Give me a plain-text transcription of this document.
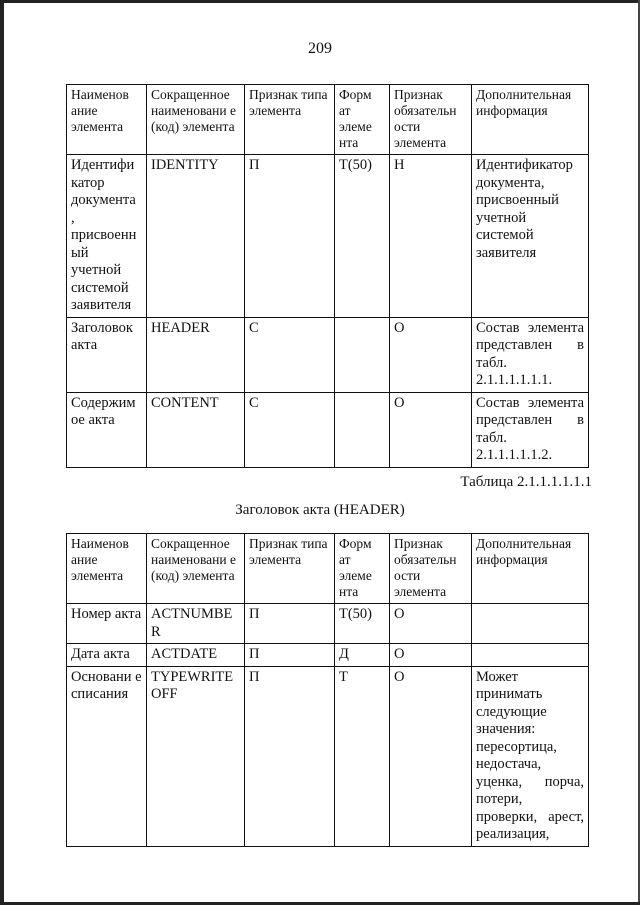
209
Наименов ание элемента	Сокращенное наименовани е (код) элемента	Признак типа элемента	Форм ат элеме нта	Признак обязательн ости элемента	Дополнительная информация
Идентифи катор документа , присвоенн ый учетной системой заявителя	IDENTITY	П	T(50)	Н	Идентификатор документа, присвоенный учетной системой заявителя
Заголовок акта	HEADER	С		О	Состав элемента представлен в табл. 2.1.1.1.1.1.1.
Содержим ое акта	CONTENT	С		О	Состав элемента представлен в табл. 2.1.1.1.1.1.2.
Таблица 2.1.1.1.1.1.1
Заголовок акта (HEADER)
Наименов ание элемента	Сокращенное наименовани е (код) элемента	Признак типа элемента	Форм ат элеме нта	Признак обязательн ости элемента	Дополнительная информация
Номер акта	ACTNUMBE R	П	T(50)	О	
Дата акта	ACTDATE	П	Д	О	
Основани е списания	TYPEWRITE OFF	П	T	О	Может принимать следующие значения: пересортица, недостача, уценка, порча, потери, проверки, арест, реализация,
